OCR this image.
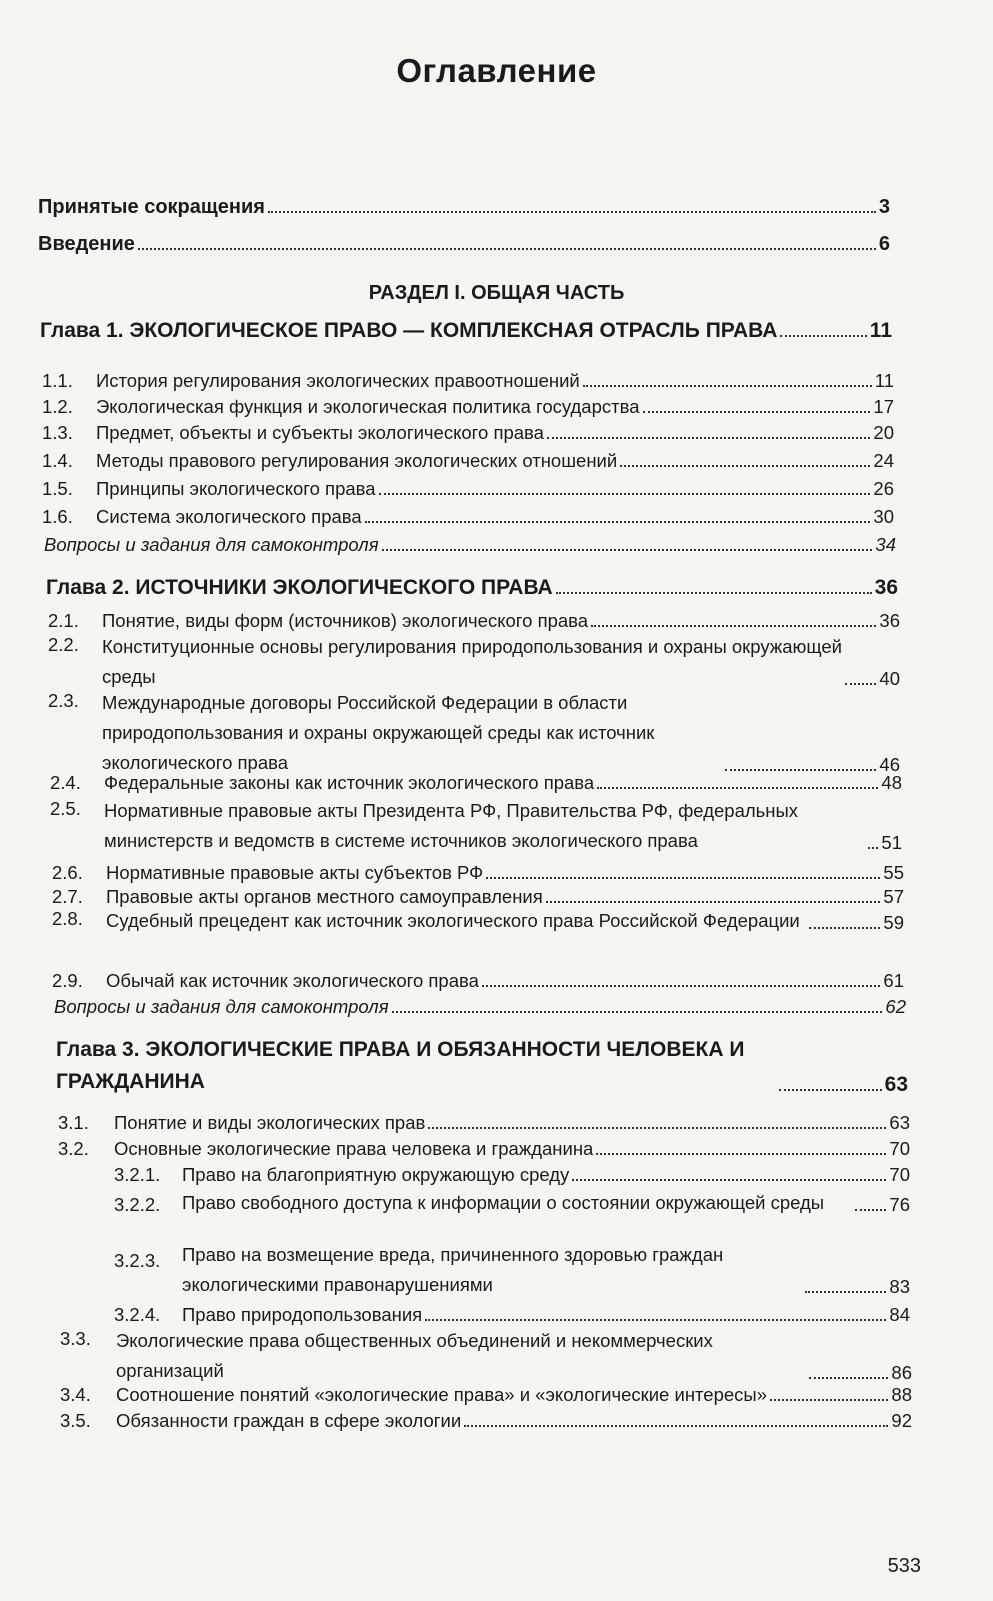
Оглавление
Принятые сокращения	3
Введение	6
РАЗДЕЛ I. ОБЩАЯ ЧАСТЬ
Глава 1. ЭКОЛОГИЧЕСКОЕ ПРАВО — КОМПЛЕКСНАЯ ОТРАСЛЬ ПРАВА	11
1.1.	История регулирования экологических правоотношений	11
1.2.	Экологическая функция и экологическая политика государства	17
1.3.	Предмет, объекты и субъекты экологического права	20
1.4.	Методы правового регулирования экологических отношений	24
1.5.	Принципы экологического права	26
1.6.	Система экологического права	30
Вопросы и задания для самоконтроля	34
Глава 2. ИСТОЧНИКИ ЭКОЛОГИЧЕСКОГО ПРАВА	36
2.1.	Понятие, виды форм (источников) экологического права	36
2.2.	Конституционные основы регулирования природопользования и охраны окружающей среды	40
2.3.	Международные договоры Российской Федерации в области природопользования и охраны окружающей среды как источник экологического права	46
2.4.	Федеральные законы как источник экологического права	48
2.5.	Нормативные правовые акты Президента РФ, Правительства РФ, федеральных министерств и ведомств в системе источников экологического права	51
2.6.	Нормативные правовые акты субъектов РФ	55
2.7.	Правовые акты органов местного самоуправления	57
2.8.	Судебный прецедент как источник экологического права Российской Федерации	59
2.9.	Обычай как источник экологического права	61
Вопросы и задания для самоконтроля	62
Глава 3. ЭКОЛОГИЧЕСКИЕ ПРАВА И ОБЯЗАННОСТИ ЧЕЛОВЕКА И ГРАЖДАНИНА	63
3.1.	Понятие и виды экологических прав	63
3.2.	Основные экологические права человека и гражданина	70
3.2.1.	Право на благоприятную окружающую среду	70
3.2.2.	Право свободного доступа к информации о состоянии окружающей среды	76
3.2.3.	Право на возмещение вреда, причиненного здоровью граждан экологическими правонарушениями	83
3.2.4.	Право природопользования	84
3.3.	Экологические права общественных объединений и некоммерческих организаций	86
3.4.	Соотношение понятий «экологические права» и «экологические интересы»	88
3.5.	Обязанности граждан в сфере экологии	92
533
